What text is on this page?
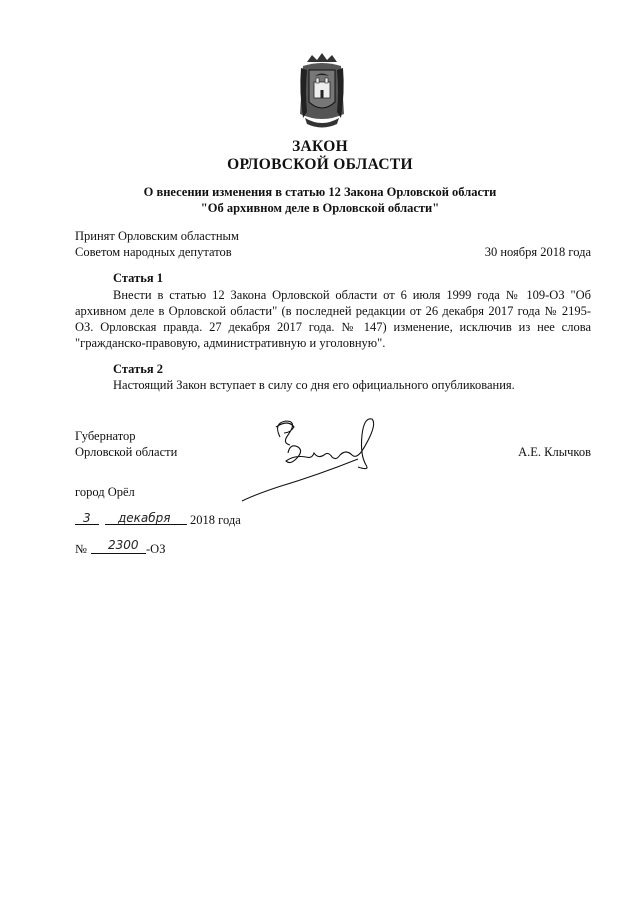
ЗАКОН
ОРЛОВСКОЙ ОБЛАСТИ
О внесении изменения в статью 12 Закона Орловской области
"Об архивном деле в Орловской области"
Принят Орловским областным
Советом народных депутатов	30 ноября 2018 года
Статья 1
Внести в статью 12 Закона Орловской области от 6 июля 1999 года № 109-ОЗ "Об архивном деле в Орловской области" (в последней редакции от 26 декабря 2017 года № 2195-ОЗ. Орловская правда. 27 декабря 2017 года. № 147) изменение, исключив из нее слова "гражданско-правовую, административную и уголовную".
Статья 2
Настоящий Закон вступает в силу со дня его официального опубликования.
Губернатор
Орловской области	А.Е. Клычков
город Орёл
3 декабря 2018 года
№ 2300 -ОЗ
